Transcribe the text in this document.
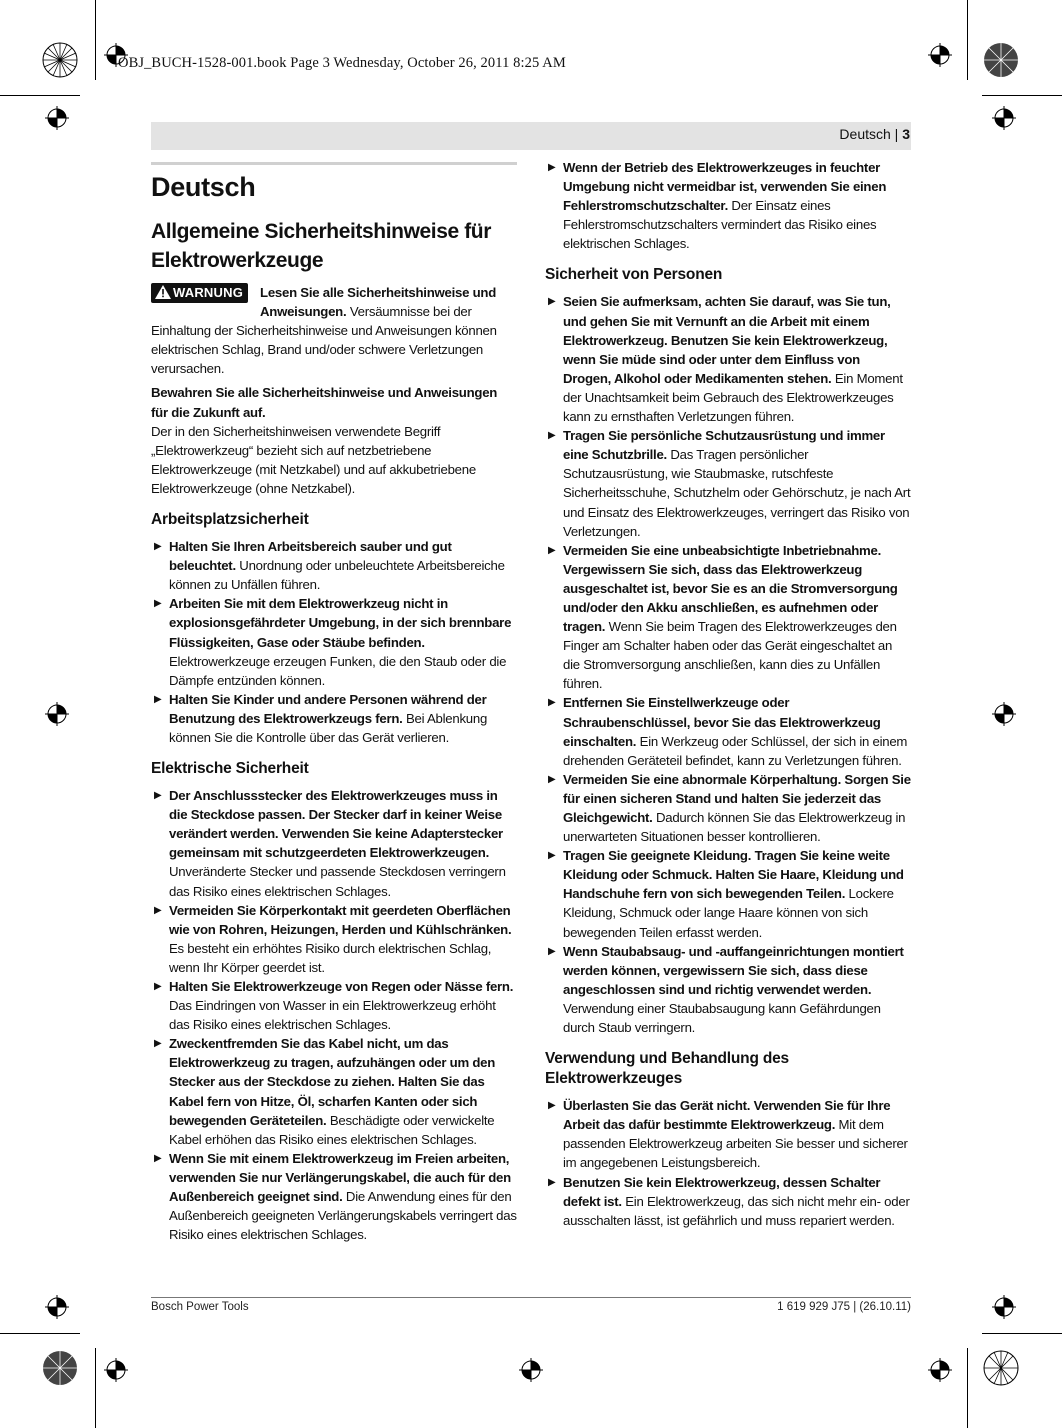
OBJ_BUCH-1528-001.book Page 3 Wednesday, October 26, 2011 8:25 AM
Deutsch | 3
Deutsch
Allgemeine Sicherheitshinweise für Elektrowerkzeuge
WARNUNG	Lesen Sie alle Sicherheitshinweise und Anweisungen. Versäumnisse bei der Einhaltung der Sicherheitshinweise und Anweisungen können elektrischen Schlag, Brand und/oder schwere Verletzungen verursachen.

Bewahren Sie alle Sicherheitshinweise und Anweisungen für die Zukunft auf.

Der in den Sicherheitshinweisen verwendete Begriff „Elektrowerkzeug“ bezieht sich auf netzbetriebene Elektrowerkzeuge (mit Netzkabel) und auf akkubetriebene Elektrowerkzeuge (ohne Netzkabel).

Arbeitsplatzsicherheit

▶ Halten Sie Ihren Arbeitsbereich sauber und gut beleuchtet. Unordnung oder unbeleuchtete Arbeitsbereiche können zu Unfällen führen.

▶ Arbeiten Sie mit dem Elektrowerkzeug nicht in explosionsgefährdeter Umgebung, in der sich brennbare Flüssigkeiten, Gase oder Stäube befinden. Elektrowerkzeuge erzeugen Funken, die den Staub oder die Dämpfe entzünden können.

▶ Halten Sie Kinder und andere Personen während der Benutzung des Elektrowerkzeugs fern. Bei Ablenkung können Sie die Kontrolle über das Gerät verlieren.

Elektrische Sicherheit

▶ Der Anschlussstecker des Elektrowerkzeuges muss in die Steckdose passen. Der Stecker darf in keiner Weise verändert werden. Verwenden Sie keine Adapterstecker gemeinsam mit schutzgeerdeten Elektrowerkzeugen. Unveränderte Stecker und passende Steckdosen verringern das Risiko eines elektrischen Schlages.

▶ Vermeiden Sie Körperkontakt mit geerdeten Oberflächen wie von Rohren, Heizungen, Herden und Kühlschränken. Es besteht ein erhöhtes Risiko durch elektrischen Schlag, wenn Ihr Körper geerdet ist.

▶ Halten Sie Elektrowerkzeuge von Regen oder Nässe fern. Das Eindringen von Wasser in ein Elektrowerkzeug erhöht das Risiko eines elektrischen Schlages.

▶ Zweckentfremden Sie das Kabel nicht, um das Elektrowerkzeug zu tragen, aufzuhängen oder um den Stecker aus der Steckdose zu ziehen. Halten Sie das Kabel fern von Hitze, Öl, scharfen Kanten oder sich bewegenden Geräteteilen. Beschädigte oder verwickelte Kabel erhöhen das Risiko eines elektrischen Schlages.

▶ Wenn Sie mit einem Elektrowerkzeug im Freien arbeiten, verwenden Sie nur Verlängerungskabel, die auch für den Außenbereich geeignet sind. Die Anwendung eines für den Außenbereich geeigneten Verlängerungskabels verringert das Risiko eines elektrischen Schlages.

▶ Wenn der Betrieb des Elektrowerkzeuges in feuchter Umgebung nicht vermeidbar ist, verwenden Sie einen Fehlerstromschutzschalter. Der Einsatz eines Fehlerstromschutzschalters vermindert das Risiko eines elektrischen Schlages.

Sicherheit von Personen

▶ Seien Sie aufmerksam, achten Sie darauf, was Sie tun, und gehen Sie mit Vernunft an die Arbeit mit einem Elektrowerkzeug. Benutzen Sie kein Elektrowerkzeug, wenn Sie müde sind oder unter dem Einfluss von Drogen, Alkohol oder Medikamenten stehen. Ein Moment der Unachtsamkeit beim Gebrauch des Elektrowerkzeuges kann zu ernsthaften Verletzungen führen.

▶ Tragen Sie persönliche Schutzausrüstung und immer eine Schutzbrille. Das Tragen persönlicher Schutzausrüstung, wie Staubmaske, rutschfeste Sicherheitsschuhe, Schutzhelm oder Gehörschutz, je nach Art und Einsatz des Elektrowerkzeuges, verringert das Risiko von Verletzungen.

▶ Vermeiden Sie eine unbeabsichtigte Inbetriebnahme. Vergewissern Sie sich, dass das Elektrowerkzeug ausgeschaltet ist, bevor Sie es an die Stromversorgung und/oder den Akku anschließen, es aufnehmen oder tragen. Wenn Sie beim Tragen des Elektrowerkzeuges den Finger am Schalter haben oder das Gerät eingeschaltet an die Stromversorgung anschließen, kann dies zu Unfällen führen.

▶ Entfernen Sie Einstellwerkzeuge oder Schraubenschlüssel, bevor Sie das Elektrowerkzeug einschalten. Ein Werkzeug oder Schlüssel, der sich in einem drehenden Geräteteil befindet, kann zu Verletzungen führen.

▶ Vermeiden Sie eine abnormale Körperhaltung. Sorgen Sie für einen sicheren Stand und halten Sie jederzeit das Gleichgewicht. Dadurch können Sie das Elektrowerkzeug in unerwarteten Situationen besser kontrollieren.

▶ Tragen Sie geeignete Kleidung. Tragen Sie keine weite Kleidung oder Schmuck. Halten Sie Haare, Kleidung und Handschuhe fern von sich bewegenden Teilen. Lockere Kleidung, Schmuck oder lange Haare können von sich bewegenden Teilen erfasst werden.

▶ Wenn Staubabsaug- und -auffangeinrichtungen montiert werden können, vergewissern Sie sich, dass diese angeschlossen sind und richtig verwendet werden. Verwendung einer Staubabsaugung kann Gefährdungen durch Staub verringern.

Verwendung und Behandlung des Elektrowerkzeuges

▶ Überlasten Sie das Gerät nicht. Verwenden Sie für Ihre Arbeit das dafür bestimmte Elektrowerkzeug. Mit dem passenden Elektrowerkzeug arbeiten Sie besser und sicherer im angegebenen Leistungsbereich.

▶ Benutzen Sie kein Elektrowerkzeug, dessen Schalter defekt ist. Ein Elektrowerkzeug, das sich nicht mehr ein- oder ausschalten lässt, ist gefährlich und muss repariert werden.

Bosch Power Tools	1 619 929 J75 | (26.10.11)
